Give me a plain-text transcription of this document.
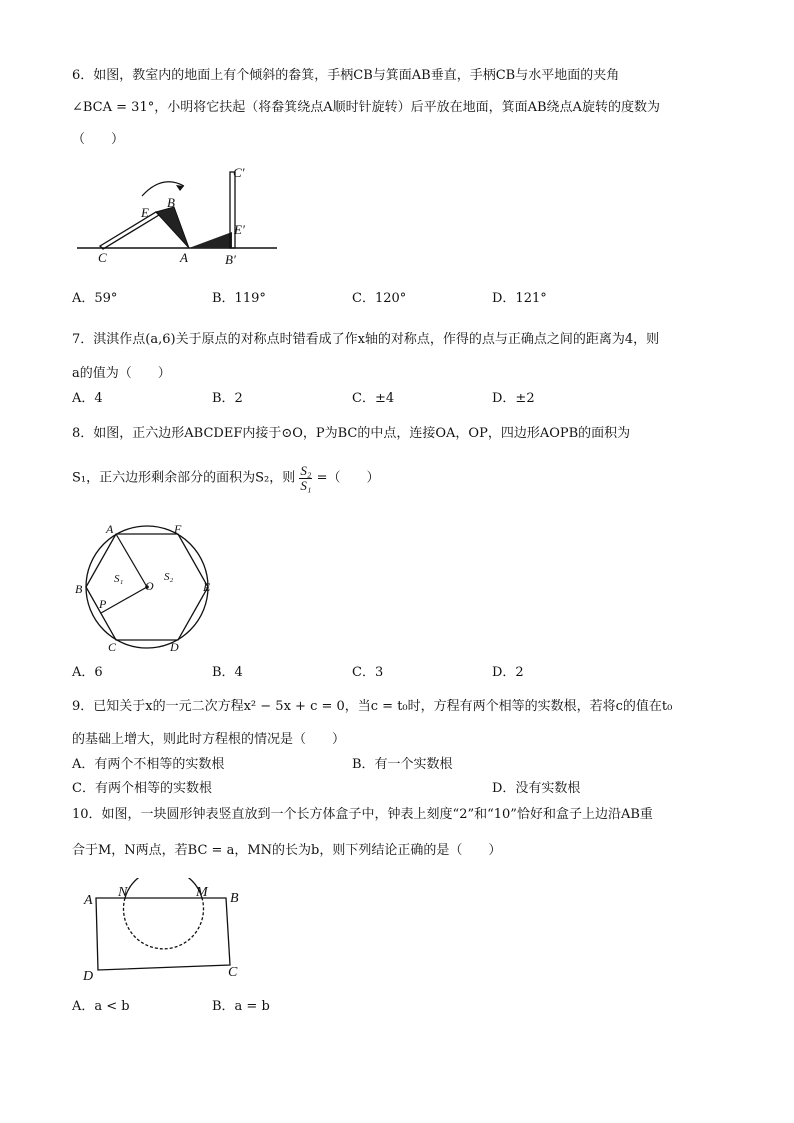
6．如图，教室内的地面上有个倾斜的畚箕，手柄CB与箕面AB垂直，手柄CB与水平地面的夹角
∠BCA = 31°，小明将它扶起（将畚箕绕点A顺时针旋转）后平放在地面，箕面AB绕点A旋转的度数为
（　　）
E
B
C	A
C′
E′
B′
A．59°	B．119°	C．120°	D．121°
7．淇淇作点(a,6)关于原点的对称点时错看成了作x轴的对称点，作得的点与正确点之间的距离为4，则
a的值为（　　）
A．4	B．2	C．±4	D．±2
8．如图，正六边形ABCDEF内接于⊙O，P为BC的中点，连接OA，OP，四边形AOPB的面积为
S₁，正六边形剩余部分的面积为S₂，则 $\frac{\text{S₂}}{\text{S₁}}$ =（　　）
A	F
B	E
C	D
O
P
S₁	S₂
A．6	B．4	C．3	D．2
9．已知关于x的一元二次方程x² − 5x + c = 0，当c = t₀时，方程有两个相等的实数根，若将c的值在t₀
的基础上增大，则此时方程根的情况是（　　）
A．有两个不相等的实数根	B．有一个实数根
C．有两个相等的实数根	D．没有实数根
10．如图，一块圆形钟表竖直放到一个长方体盒子中，钟表上刻度“2”和“10”恰好和盒子上边沿AB重
合于M，N两点，若BC = a，MN的长为b，则下列结论正确的是（　　）
A
N	M B
D	C
A．a < b	B．a = b
